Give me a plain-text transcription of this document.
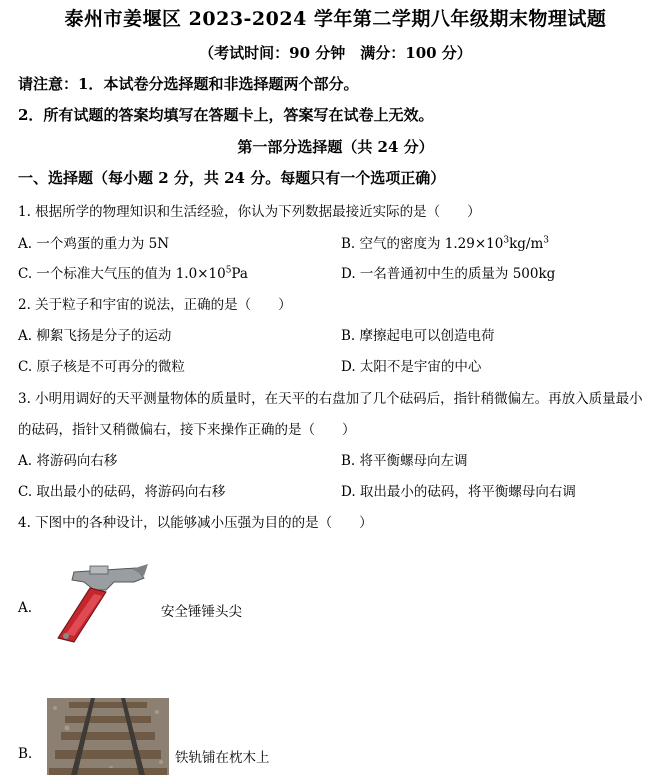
泰州市姜堰区 2023-2024 学年第二学期八年级期末物理试题
（考试时间：90 分钟　满分：100 分）
请注意：1．本试卷分选择题和非选择题两个部分。
2．所有试题的答案均填写在答题卡上，答案写在试卷上无效。
第一部分选择题（共 24 分）
一、选择题（每小题 2 分，共 24 分。每题只有一个选项正确）
1. 根据所学的物理知识和生活经验，你认为下列数据最接近实际的是（　　）
A. 一个鸡蛋的重力为 5N	B. 空气的密度为 $1.29\times 10^3kg/m^3$
C. 一个标准大气压的值为 $1.0\times 10^5Pa$	D. 一名普通初中生的质量为 500kg
2. 关于粒子和宇宙的说法，正确的是（　　）
A. 柳絮飞扬是分子的运动	B. 摩擦起电可以创造电荷
C. 原子核是不可再分的微粒	D. 太阳不是宇宙的中心
3. 小明用调好的天平测量物体的质量时，在天平的右盘加了几个砝码后，指针稍微偏左。再放入质量最小
的砝码，指针又稍微偏右，接下来操作正确的是（　　）
A. 将游码向右移	B. 将平衡螺母向左调
C. 取出最小的砝码，将游码向右移	D. 取出最小的砝码，将平衡螺母向右调
4. 下图中的各种设计，以能够减小压强为目的的是（　　）
A.	安全锤锤头尖
B.	铁轨铺在枕木上
